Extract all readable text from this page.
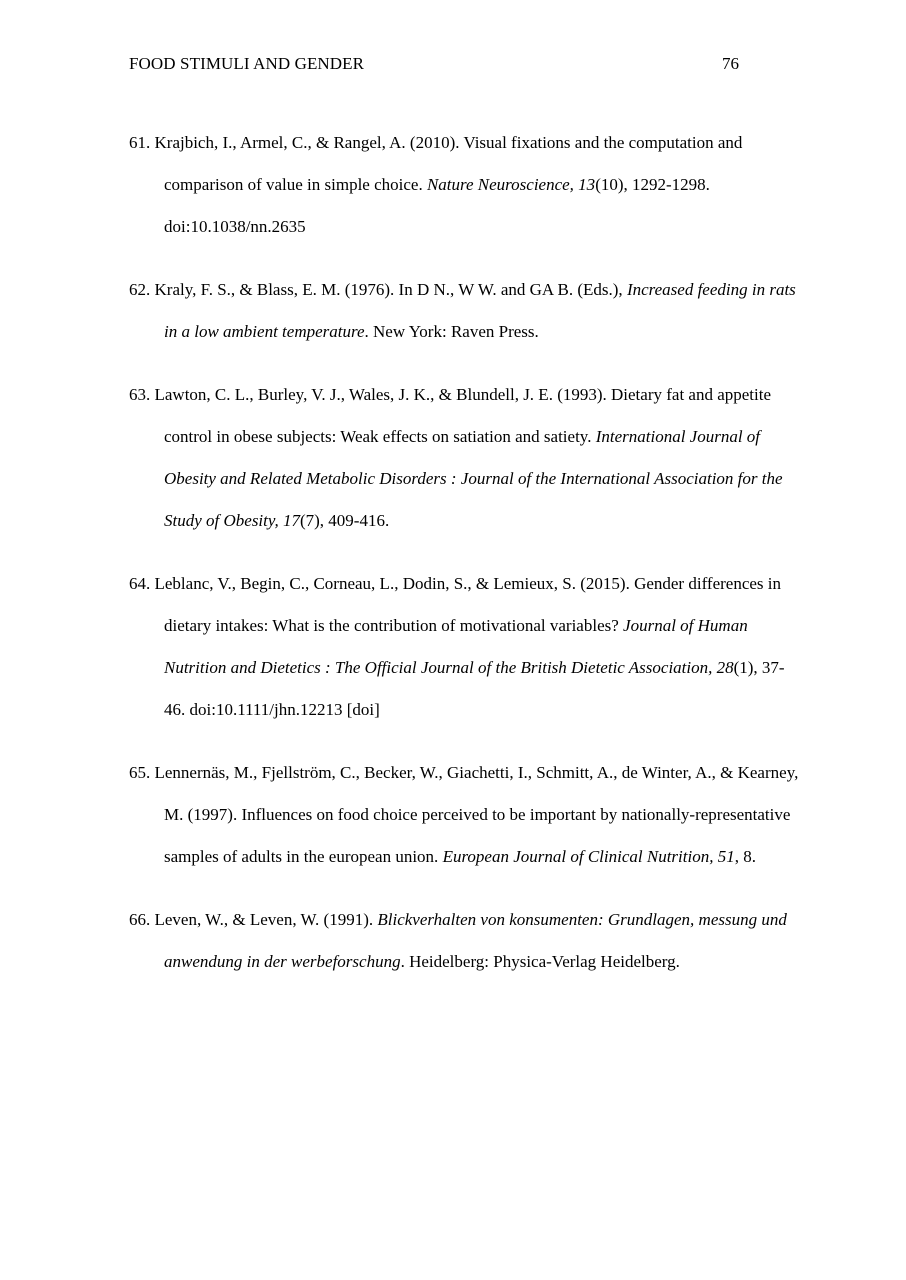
FOOD STIMULI AND GENDER	76

61. Krajbich, I., Armel, C., & Rangel, A. (2010). Visual fixations and the computation and comparison of value in simple choice. Nature Neuroscience, 13(10), 1292-1298. doi:10.1038/nn.2635

62. Kraly, F. S., & Blass, E. M. (1976). In D N., W W. and GA B. (Eds.), Increased feeding in rats in a low ambient temperature. New York: Raven Press.

63. Lawton, C. L., Burley, V. J., Wales, J. K., & Blundell, J. E. (1993). Dietary fat and appetite control in obese subjects: Weak effects on satiation and satiety. International Journal of Obesity and Related Metabolic Disorders : Journal of the International Association for the Study of Obesity, 17(7), 409-416.

64. Leblanc, V., Begin, C., Corneau, L., Dodin, S., & Lemieux, S. (2015). Gender differences in dietary intakes: What is the contribution of motivational variables? Journal of Human Nutrition and Dietetics : The Official Journal of the British Dietetic Association, 28(1), 37-46. doi:10.1111/jhn.12213 [doi]

65. Lennernäs, M., Fjellström, C., Becker, W., Giachetti, I., Schmitt, A., de Winter, A., & Kearney, M. (1997). Influences on food choice perceived to be important by nationally-representative samples of adults in the european union. European Journal of Clinical Nutrition, 51, 8.

66. Leven, W., & Leven, W. (1991). Blickverhalten von konsumenten: Grundlagen, messung und anwendung in der werbeforschung. Heidelberg: Physica-Verlag Heidelberg.
